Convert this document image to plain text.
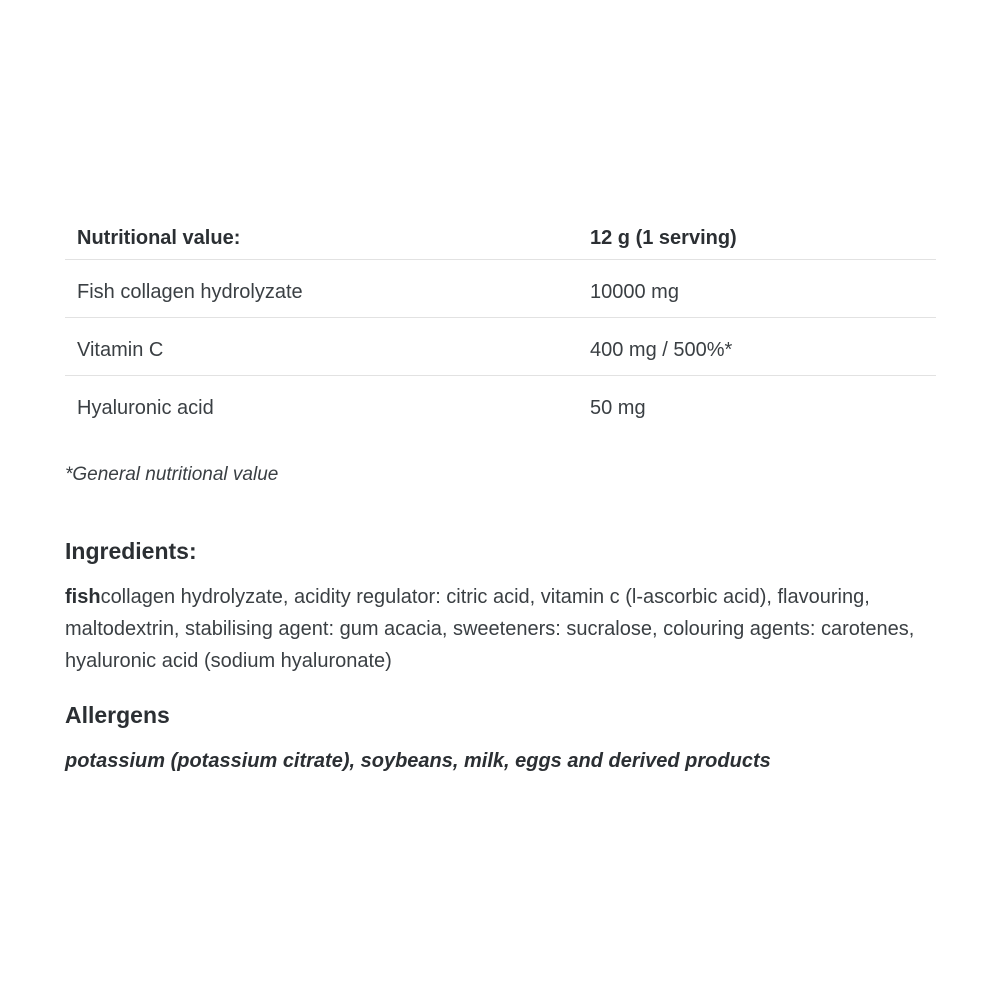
Nutritional value:	12 g (1 serving)
Fish collagen hydrolyzate	10000 mg
Vitamin C	400 mg / 500%*
Hyaluronic acid	50 mg

*General nutritional value

Ingredients:

fishcollagen hydrolyzate, acidity regulator: citric acid, vitamin c (l-ascorbic acid), flavouring, maltodextrin, stabilising agent: gum acacia, sweeteners: sucralose, colouring agents: carotenes, hyaluronic acid (sodium hyaluronate)

Allergens

potassium (potassium citrate), soybeans, milk, eggs and derived products
